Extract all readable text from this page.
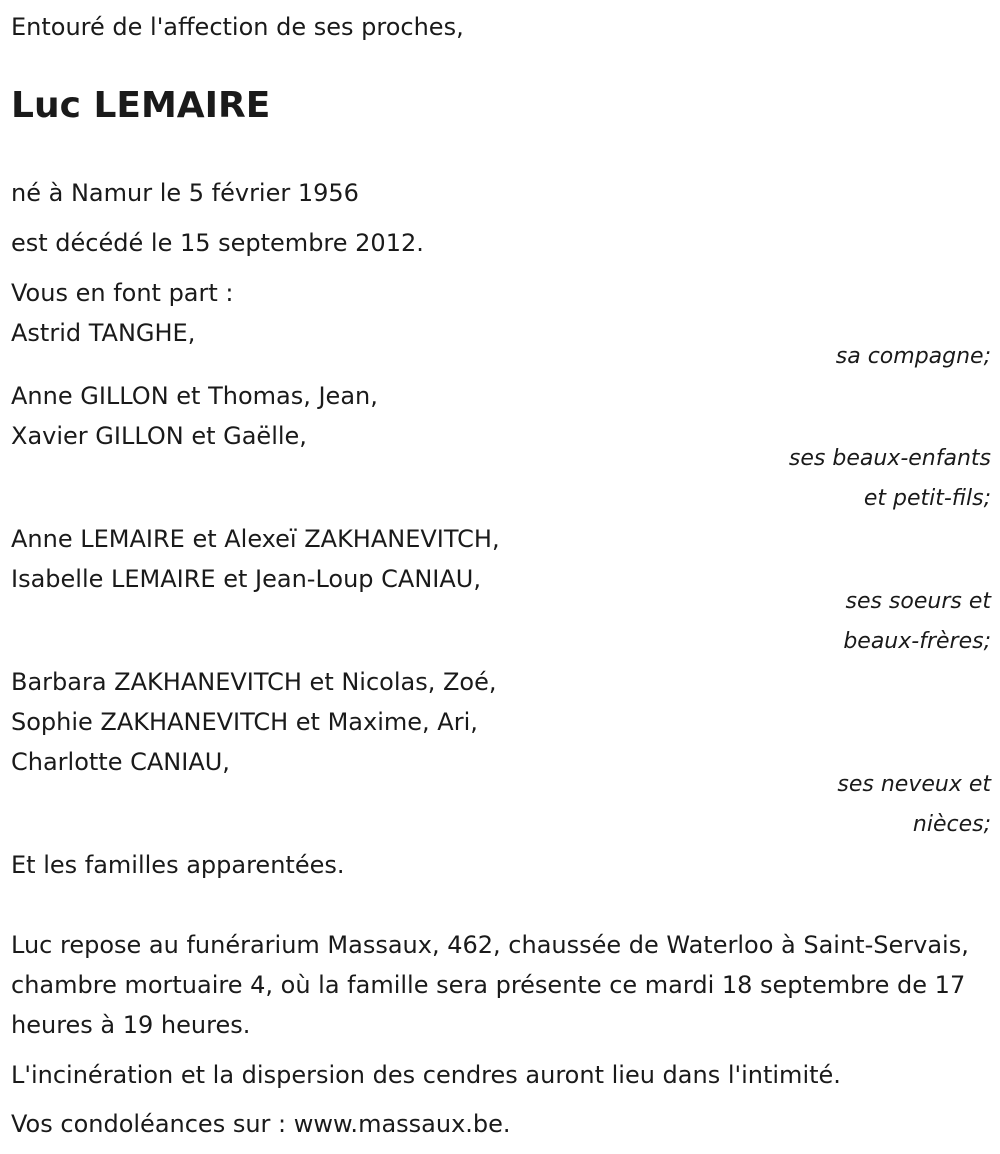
Entouré de l'affection de ses proches,
Luc LEMAIRE
né à Namur le 5 février 1956
est décédé le 15 septembre 2012.
Vous en font part :
Astrid TANGHE,
sa compagne;
Anne GILLON et Thomas, Jean,
Xavier GILLON et Gaëlle,
ses beaux-enfants
et petit-fils;
Anne LEMAIRE et Alexeï ZAKHANEVITCH,
Isabelle LEMAIRE et Jean-Loup CANIAU,
ses soeurs et
beaux-frères;
Barbara ZAKHANEVITCH et Nicolas, Zoé,
Sophie ZAKHANEVITCH et Maxime, Ari,
Charlotte CANIAU,
ses neveux et
nièces;
Et les familles apparentées.
Luc repose au funérarium Massaux, 462, chaussée de Waterloo à Saint-Servais, chambre mortuaire 4, où la famille sera présente ce mardi 18 septembre de 17 heures à 19 heures.
L'incinération et la dispersion des cendres auront lieu dans l'intimité.
Vos condoléances sur : www.massaux.be.
